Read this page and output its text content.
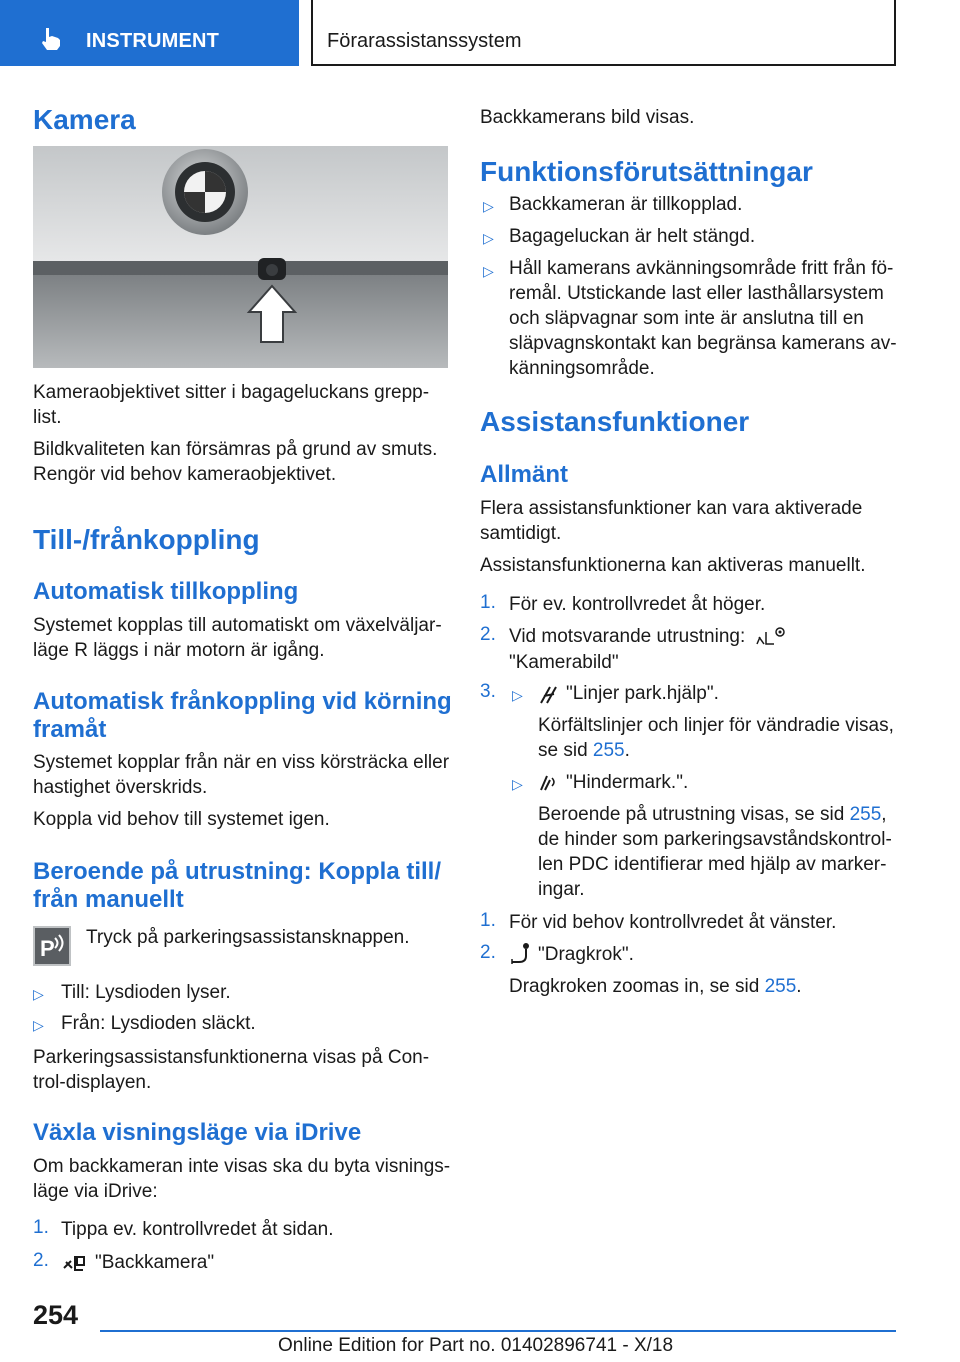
INSTRUMENT	Förarassistanssystem
Kamera
Kameraobjektivet sitter i bagageluckans grepp-
list.
Bildkvaliteten kan försämras på grund av smuts.
Rengör vid behov kameraobjektivet.
Till-/frånkoppling
Automatisk tillkoppling
Systemet kopplas till automatiskt om växelväljar-
läge R läggs i när motorn är igång.
Automatisk frånkoppling vid körning
framåt
Systemet kopplar från när en viss körsträcka eller
hastighet överskrids.
Koppla vid behov till systemet igen.
Beroende på utrustning: Koppla till/
från manuellt
P Tryck på parkeringsassistansknappen.
▷ Till: Lysdioden lyser.
▷ Från: Lysdioden släckt.
Parkeringsassistansfunktionerna visas på Con-
trol-displayen.
Växla visningsläge via iDrive
Om backkameran inte visas ska du byta visnings-
läge via iDrive:
1. Tippa ev. kontrollvredet åt sidan.
2. "Backkamera"
Backkamerans bild visas.
Funktionsförutsättningar
▷ Backkameran är tillkopplad.
▷ Bagageluckan är helt stängd.
▷ Håll kamerans avkänningsområde fritt från fö-
remål. Utstickande last eller lasthållarsystem
och släpvagnar som inte är anslutna till en
släpvagnskontakt kan begränsa kamerans av-
känningsområde.
Assistansfunktioner
Allmänt
Flera assistansfunktioner kan vara aktiverade
samtidigt.
Assistansfunktionerna kan aktiveras manuellt.
1. För ev. kontrollvredet åt höger.
2. Vid motsvarande utrustning:
"Kamerabild"
3. ▷ "Linjer park.hjälp".
Körfältslinjer och linjer för vändradie visas,
se sid 255.
▷ "Hindermark.".
Beroende på utrustning visas, se sid 255,
de hinder som parkeringsavståndskontrol-
len PDC identifierar med hjälp av marker-
ingar.
1. För vid behov kontrollvredet åt vänster.
2. "Dragkrok".
Dragkroken zoomas in, se sid 255.
254
Online Edition for Part no. 01402896741 - X/18
